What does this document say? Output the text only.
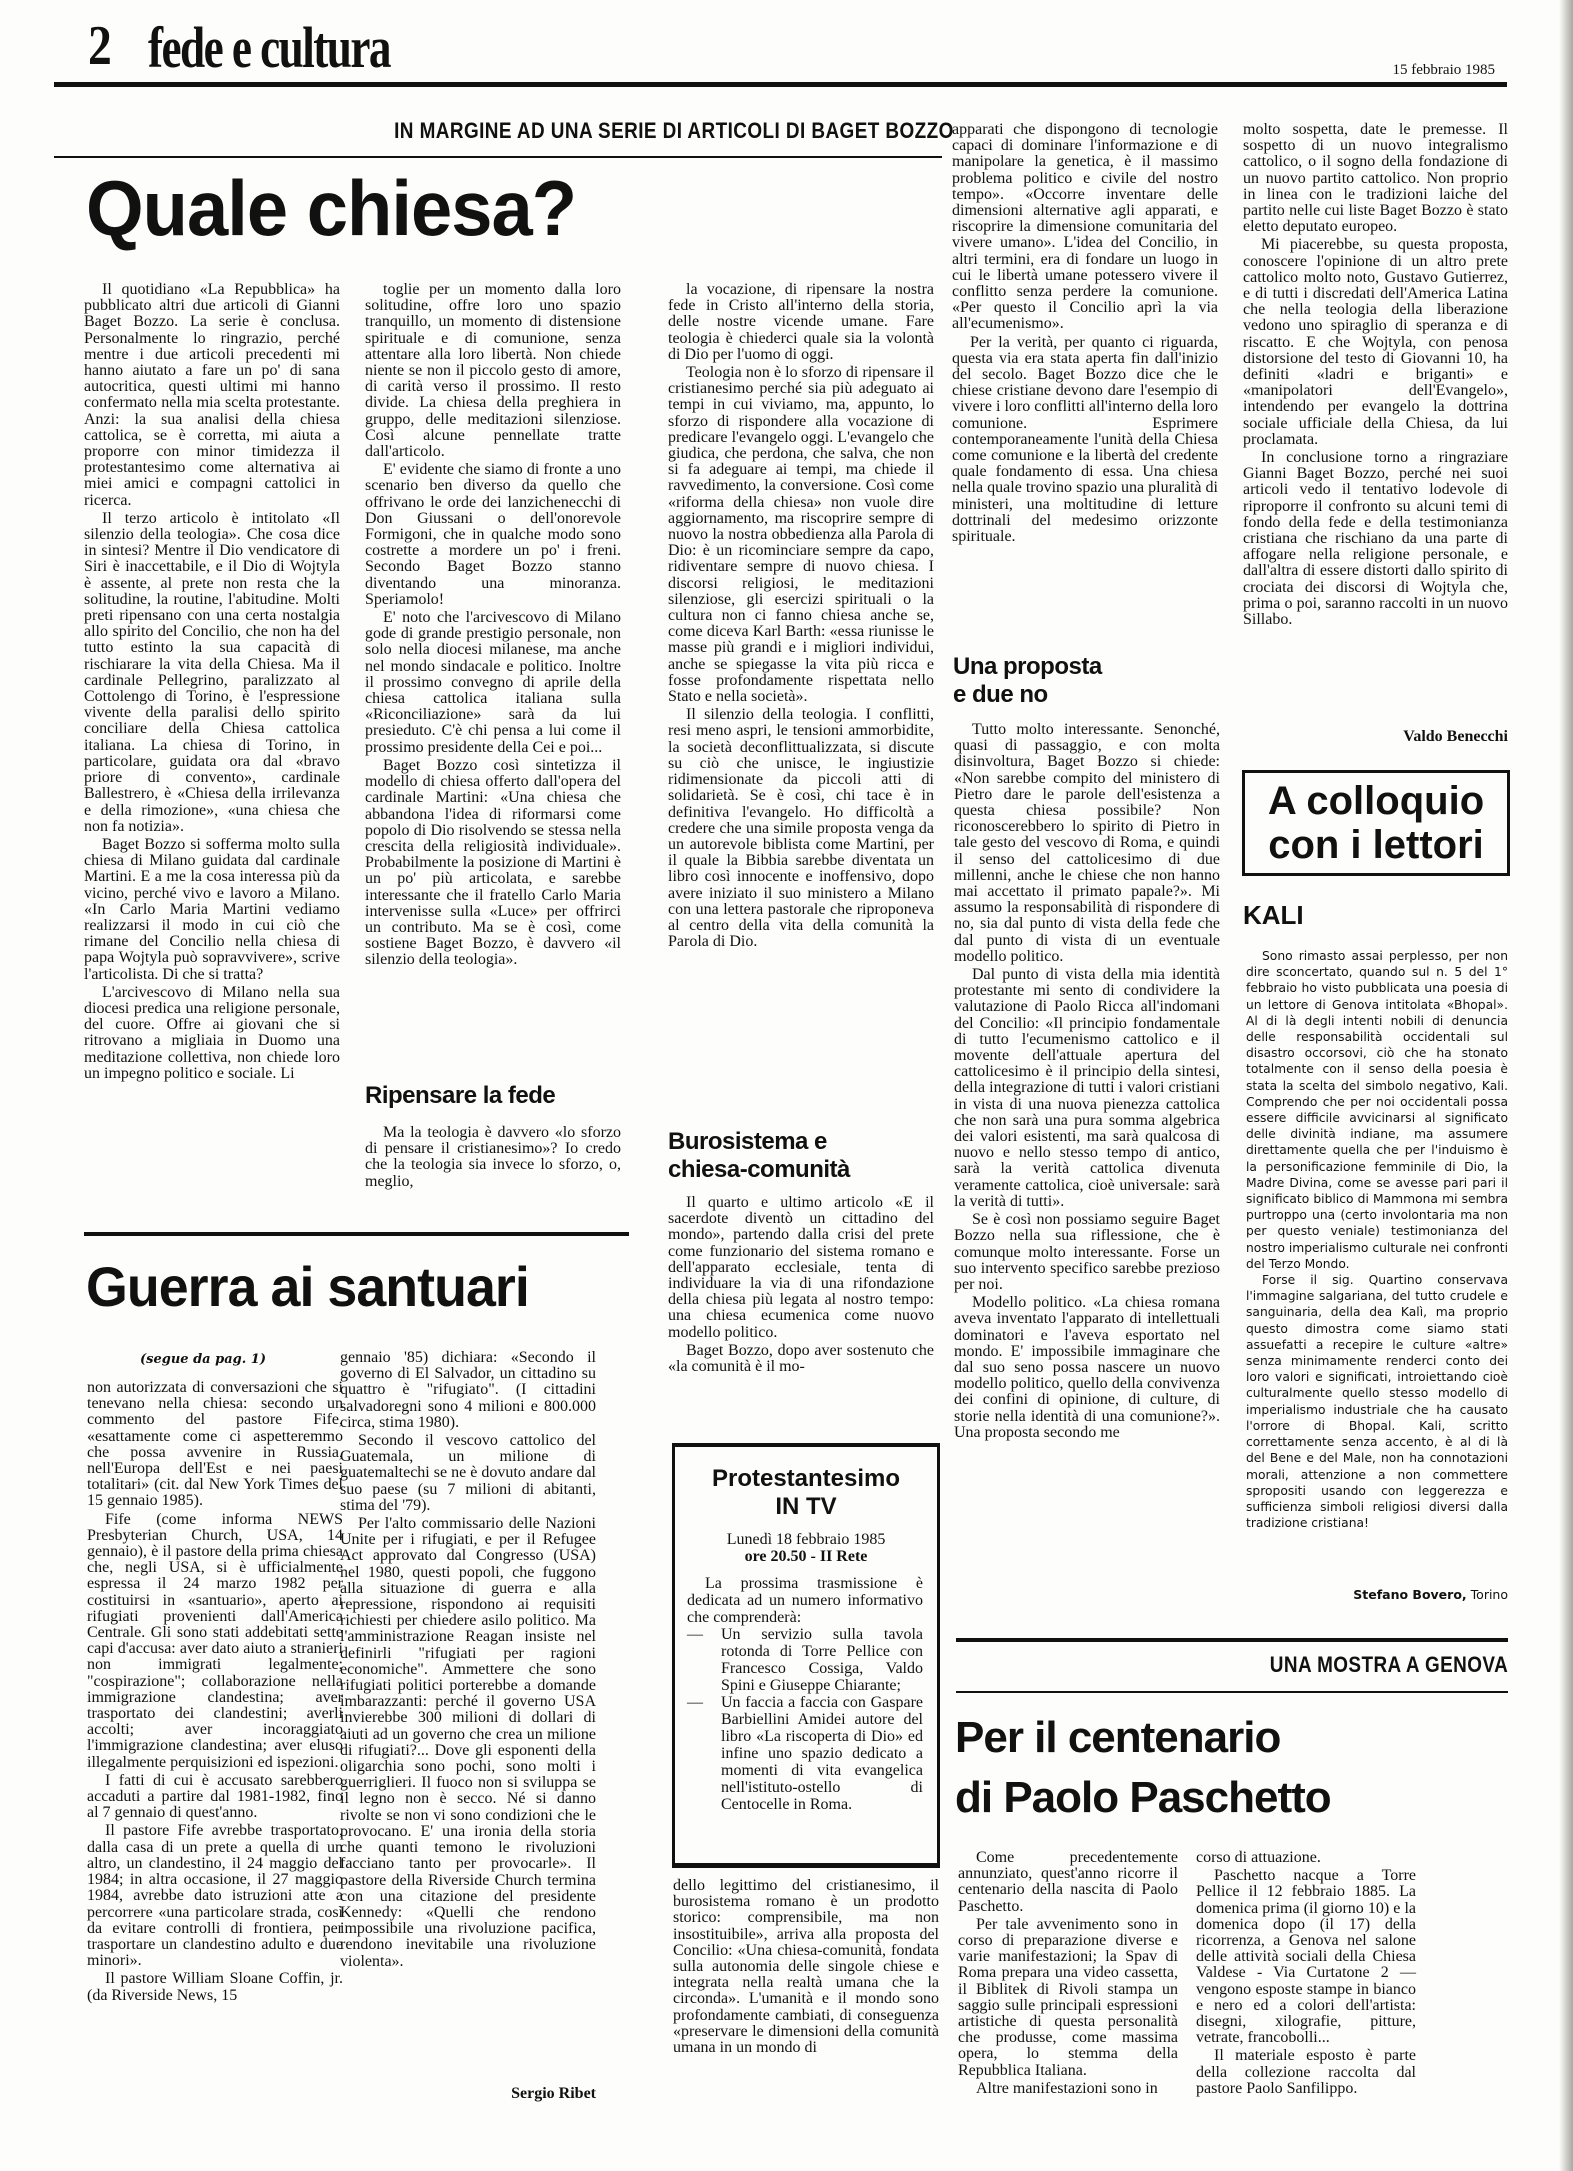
2 fede e cultura	15 febbraio 1985
IN MARGINE AD UNA SERIE DI ARTICOLI DI BAGET BOZZO
Quale chiesa?

Il quotidiano «La Repubblica» ha pubblicato altri due articoli di Gianni Baget Bozzo. La serie è conclusa. Personalmente lo ringrazio, perché mentre i due articoli precedenti mi hanno aiutato a fare un po' di sana autocritica, questi ultimi mi hanno confermato nella mia scelta protestante. Anzi: la sua analisi della chiesa cattolica, se è corretta, mi aiuta a proporre con minor timidezza il protestantesimo come alternativa ai miei amici e compagni cattolici in ricerca.

Il terzo articolo è intitolato «Il silenzio della teologia». Che cosa dice in sintesi? Mentre il Dio vendicatore di Siri è inaccettabile, e il Dio di Wojtyla è assente, al prete non resta che la solitudine, la routine, l'abitudine. Molti preti ripensano con una certa nostalgia allo spirito del Concilio, che non ha del tutto estinto la sua capacità di rischiarare la vita della Chiesa. Ma il cardinale Pellegrino, paralizzato al Cottolengo di Torino, è l'espressione vivente della paralisi dello spirito conciliare della Chiesa cattolica italiana. La chiesa di Torino, in particolare, guidata ora dal «bravo priore di convento», cardinale Ballestrero, è «Chiesa della irrilevanza e della rimozione», «una chiesa che non fa notizia».

Baget Bozzo si sofferma molto sulla chiesa di Milano guidata dal cardinale Martini. E a me la cosa interessa più da vicino, perché vivo e lavoro a Milano. «In Carlo Maria Martini vediamo realizzarsi il modo in cui ciò che rimane del Concilio nella chiesa di papa Wojtyla può sopravvivere», scrive l'articolista. Di che si tratta?

L'arcivescovo di Milano nella sua diocesi predica una religione personale, del cuore. Offre ai giovani che si ritrovano a migliaia in Duomo una meditazione collettiva, non chiede loro un impegno politico e sociale. Li

toglie per un momento dalla loro solitudine, offre loro uno spazio tranquillo, un momento di distensione spirituale e di comunione, senza attentare alla loro libertà. Non chiede niente se non il piccolo gesto di amore, di carità verso il prossimo. Il resto divide. La chiesa della preghiera in gruppo, delle meditazioni silenziose. Così alcune pennellate tratte dall'articolo.

E' evidente che siamo di fronte a uno scenario ben diverso da quello che offrivano le orde dei lanzichenecchi di Don Giussani o dell'onorevole Formigoni, che in qualche modo sono costrette a mordere un po' i freni. Secondo Baget Bozzo stanno diventando una minoranza. Speriamolo!

E' noto che l'arcivescovo di Milano gode di grande prestigio personale, non solo nella diocesi milanese, ma anche nel mondo sindacale e politico. Inoltre il prossimo convegno di aprile della chiesa cattolica italiana sulla «Riconciliazione» sarà da lui presieduto. C'è chi pensa a lui come il prossimo presidente della Cei e poi...

Baget Bozzo così sintetizza il modello di chiesa offerto dall'opera del cardinale Martini: «Una chiesa che abbandona l'idea di riformarsi come popolo di Dio risolvendo se stessa nella crescita della religiosità individuale». Probabilmente la posizione di Martini è un po' più articolata, e sarebbe interessante che il fratello Carlo Maria intervenisse sulla «Luce» per offrirci un contributo. Ma se è così, come sostiene Baget Bozzo, è davvero «il silenzio della teologia».

Ripensare la fede

Ma la teologia è davvero «lo sforzo di pensare il cristianesimo»? Io credo che la teologia sia invece lo sforzo, o, meglio,

la vocazione, di ripensare la nostra fede in Cristo all'interno della storia, delle nostre vicende umane. Fare teologia è chiederci quale sia la volontà di Dio per l'uomo di oggi.

Teologia non è lo sforzo di ripensare il cristianesimo perché sia più adeguato ai tempi in cui viviamo, ma, appunto, lo sforzo di rispondere alla vocazione di predicare l'evangelo oggi. L'evangelo che giudica, che perdona, che salva, che non si fa adeguare ai tempi, ma chiede il ravvedimento, la conversione. Così come «riforma della chiesa» non vuole dire aggiornamento, ma riscoprire sempre di nuovo la nostra obbedienza alla Parola di Dio: è un ricominciare sempre da capo, ridiventare sempre di nuovo chiesa. I discorsi religiosi, le meditazioni silenziose, gli esercizi spirituali o la cultura non ci fanno chiesa anche se, come diceva Karl Barth: «essa riunisse le masse più grandi e i migliori individui, anche se spiegasse la vita più ricca e fosse profondamente rispettata nello Stato e nella società».

Il silenzio della teologia. I conflitti, resi meno aspri, le tensioni ammorbidite, la società deconflittualizzata, si discute su ciò che unisce, le ingiustizie ridimensionate da piccoli atti di solidarietà. Se è così, chi tace è in definitiva l'evangelo. Ho difficoltà a credere che una simile proposta venga da un autorevole biblista come Martini, per il quale la Bibbia sarebbe diventata un libro così innocente e inoffensivo, dopo avere iniziato il suo ministero a Milano con una lettera pastorale che riproponeva al centro della vita della comunità la Parola di Dio.

Burosistema e chiesa-comunità

Il quarto e ultimo articolo «E il sacerdote diventò un cittadino del mondo», partendo dalla crisi del prete come funzionario del sistema romano e dell'apparato ecclesiale, tenta di individuare la via di una rifondazione della chiesa più legata al nostro tempo: una chiesa ecumenica come nuovo modello politico.

Baget Bozzo, dopo aver sostenuto che «la comunità è il mo-

dello legittimo del cristianesimo, il burosistema romano è un prodotto storico: comprensibile, ma non insostituibile», arriva alla proposta del Concilio: «Una chiesa-comunità, fondata sulla autonomia delle singole chiese e integrata nella realtà umana che la circonda». L'umanità e il mondo sono profondamente cambiati, di conseguenza «preservare le dimensioni della comunità umana in un mondo di

apparati che dispongono di tecnologie capaci di dominare l'informazione e di manipolare la genetica, è il massimo problema politico e civile del nostro tempo». «Occorre inventare delle dimensioni alternative agli apparati, e riscoprire la dimensione comunitaria del vivere umano». L'idea del Concilio, in altri termini, era di fondare un luogo in cui le libertà umane potessero vivere il conflitto senza perdere la comunione. «Per questo il Concilio aprì la via all'ecumenismo».

Per la verità, per quanto ci riguarda, questa via era stata aperta fin dall'inizio del secolo. Baget Bozzo dice che le chiese cristiane devono dare l'esempio di vivere i loro conflitti all'interno della loro comunione. Esprimere contemporaneamente l'unità della Chiesa come comunione e la libertà del credente quale fondamento di essa. Una chiesa nella quale trovino spazio una pluralità di ministeri, una moltitudine di letture dottrinali del medesimo orizzonte spirituale.

Una proposta e due no

Tutto molto interessante. Senonché, quasi di passaggio, e con molta disinvoltura, Baget Bozzo si chiede: «Non sarebbe compito del ministero di Pietro dare le parole dell'esistenza a questa chiesa possibile? Non riconoscerebbero lo spirito di Pietro in tale gesto del vescovo di Roma, e quindi il senso del cattolicesimo di due millenni, anche le chiese che non hanno mai accettato il primato papale?». Mi assumo la responsabilità di rispondere di no, sia dal punto di vista della fede che dal punto di vista di un eventuale modello politico.

Dal punto di vista della mia identità protestante mi sento di condividere la valutazione di Paolo Ricca all'indomani del Concilio: «Il principio fondamentale di tutto l'ecumenismo cattolico e il movente dell'attuale apertura del cattolicesimo è il principio della sintesi, della integrazione di tutti i valori cristiani in vista di una nuova pienezza cattolica che non sarà una pura somma algebrica dei valori esistenti, ma sarà qualcosa di nuovo e nello stesso tempo di antico, sarà la verità cattolica divenuta veramente cattolica, cioè universale: sarà la verità di tutti».

Se è così non possiamo seguire Baget Bozzo nella sua riflessione, che è comunque molto interessante. Forse un suo intervento specifico sarebbe prezioso per noi.

Modello politico. «La chiesa romana aveva inventato l'apparato di intellettuali dominatori e l'aveva esportato nel mondo. E' impossibile immaginare che dal suo seno possa nascere un nuovo modello politico, quello della convivenza dei confini di opinione, di culture, di storie nella identità di una comunione?». Una proposta secondo me

molto sospetta, date le premesse. Il sospetto di un nuovo integralismo cattolico, o il sogno della fondazione di un nuovo partito cattolico. Non proprio in linea con le tradizioni laiche del partito nelle cui liste Baget Bozzo è stato eletto deputato europeo.

Mi piacerebbe, su questa proposta, conoscere l'opinione di un altro prete cattolico molto noto, Gustavo Gutierrez, e di tutti i discredati dell'America Latina che nella teologia della liberazione vedono uno spiraglio di speranza e di riscatto. E che Wojtyla, con penosa distorsione del testo di Giovanni 10, ha definiti «ladri e briganti» e «manipolatori dell'Evangelo», intendendo per evangelo la dottrina sociale ufficiale della Chiesa, da lui proclamata.

In conclusione torno a ringraziare Gianni Baget Bozzo, perché nei suoi articoli vedo il tentativo lodevole di riproporre il confronto su alcuni temi di fondo della fede e della testimonianza cristiana che rischiano da una parte di affogare nella religione personale, e dall'altra di essere distorti dallo spirito di crociata dei discorsi di Wojtyla che, prima o poi, saranno raccolti in un nuovo Sillabo.

Valdo Benecchi
A colloquio
con i lettori
KALI

Sono rimasto assai perplesso, per non dire sconcertato, quando sul n. 5 del 1° febbraio ho visto pubblicata una poesia di un lettore di Genova intitolata «Bhopal». Al di là degli intenti nobili di denuncia delle responsabilità occidentali sul disastro occorsovi, ciò che ha stonato totalmente con il senso della poesia è stata la scelta del simbolo negativo, Kali. Comprendo che per noi occidentali possa essere difficile avvicinarsi al significato delle divinità indiane, ma assumere direttamente quella che per l'induismo è la personificazione femminile di Dio, la Madre Divina, come se avesse pari pari il significato biblico di Mammona mi sembra purtroppo una (certo involontaria ma non per questo veniale) testimonianza del nostro imperialismo culturale nei confronti del Terzo Mondo.

Forse il sig. Quartino conservava l'immagine salgariana, del tutto crudele e sanguinaria, della dea Kalì, ma proprio questo dimostra come siamo stati assuefatti a recepire le culture «altre» senza minimamente renderci conto dei loro valori e significati, introiettando cioè culturalmente quello stesso modello di imperialismo industriale che ha causato l'orrore di Bhopal. Kali, scritto correttamente senza accento, è al di là del Bene e del Male, non ha connotazioni morali, attenzione a non commettere spropositi usando con leggerezza e sufficienza simboli religiosi diversi dalla tradizione cristiana!

Stefano Bovero, Torino
Guerra ai santuari
(segue da pag. 1)

non autorizzata di conversazioni che si tenevano nella chiesa: secondo un commento del pastore Fife, «esattamente come ci aspetteremmo che possa avvenire in Russia, nell'Europa dell'Est e nei paesi totalitari» (cit. dal New York Times del 15 gennaio 1985).

Fife (come informa NEWS Presbyterian Church, USA, 14 gennaio), è il pastore della prima chiesa che, negli USA, si è ufficialmente espressa il 24 marzo 1982 per costituirsi in «santuario», aperto ai rifugiati provenienti dall'America Centrale. Gli sono stati addebitati sette capi d'accusa: aver dato aiuto a stranieri non immigrati legalmente; "cospirazione"; collaborazione nella immigrazione clandestina; aver trasportato dei clandestini; averli accolti; aver incoraggiato l'immigrazione clandestina; aver eluso illegalmente perquisizioni ed ispezioni.

I fatti di cui è accusato sarebbero accaduti a partire dal 1981-1982, fino al 7 gennaio di quest'anno.

Il pastore Fife avrebbe trasportato, dalla casa di un prete a quella di un altro, un clandestino, il 24 maggio del 1984; in altra occasione, il 27 maggio 1984, avrebbe dato istruzioni atte a percorrere «una particolare strada, così da evitare controlli di frontiera, per trasportare un clandestino adulto e due minori».

Il pastore William Sloane Coffin, jr. (da Riverside News, 15

gennaio '85) dichiara: «Secondo il governo di El Salvador, un cittadino su quattro è "rifugiato". (I cittadini salvadoregni sono 4 milioni e 800.000 circa, stima 1980).

Secondo il vescovo cattolico del Guatemala, un milione di guatemaltechi se ne è dovuto andare dal suo paese (su 7 milioni di abitanti, stima del '79).

Per l'alto commissario delle Nazioni Unite per i rifugiati, e per il Refugee Act approvato dal Congresso (USA) nel 1980, questi popoli, che fuggono alla situazione di guerra e alla repressione, rispondono ai requisiti richiesti per chiedere asilo politico. Ma l'amministrazione Reagan insiste nel definirli "rifugiati per ragioni economiche". Ammettere che sono rifugiati politici porterebbe a domande imbarazzanti: perché il governo USA invierebbe 300 milioni di dollari di aiuti ad un governo che crea un milione di rifugiati?... Dove gli esponenti della oligarchia sono pochi, sono molti i guerriglieri. Il fuoco non si sviluppa se il legno non è secco. Né si danno rivolte se non vi sono condizioni che le provocano. E' una ironia della storia che quanti temono le rivoluzioni facciano tanto per provocarle». Il pastore della Riverside Church termina con una citazione del presidente Kennedy: «Quelli che rendono impossibile una rivoluzione pacifica, rendono inevitabile una rivoluzione violenta».

Sergio Ribet
Protestantesimo
IN TV
Lunedì 18 febbraio 1985
ore 20.50 - II Rete

La prossima trasmissione è dedicata ad un numero informativo che comprenderà:

— Un servizio sulla tavola rotonda di Torre Pellice con Francesco Cossiga, Valdo Spini e Giuseppe Chiarante;
— Un faccia a faccia con Gaspare Barbiellini Amidei autore del libro «La riscoperta di Dio» ed infine uno spazio dedicato a momenti di vita evangelica nell'istituto-ostello di Centocelle in Roma.
UNA MOSTRA A GENOVA
Per il centenario
di Paolo Paschetto

Come precedentemente annunziato, quest'anno ricorre il centenario della nascita di Paolo Paschetto.

Per tale avvenimento sono in corso di preparazione diverse e varie manifestazioni; la Spav di Roma prepara una video cassetta, il Biblitek di Rivoli stampa un saggio sulle principali espressioni artistiche di questa personalità che produsse, come massima opera, lo stemma della Repubblica Italiana.

Altre manifestazioni sono in

corso di attuazione.

Paschetto nacque a Torre Pellice il 12 febbraio 1885. La domenica prima (il giorno 10) e la domenica dopo (il 17) della ricorrenza, a Genova nel salone delle attività sociali della Chiesa Valdese - Via Curtatone 2 — vengono esposte stampe in bianco e nero ed a colori dell'artista: disegni, xilografie, pitture, vetrate, francobolli...

Il materiale esposto è parte della collezione raccolta dal pastore Paolo Sanfilippo.
